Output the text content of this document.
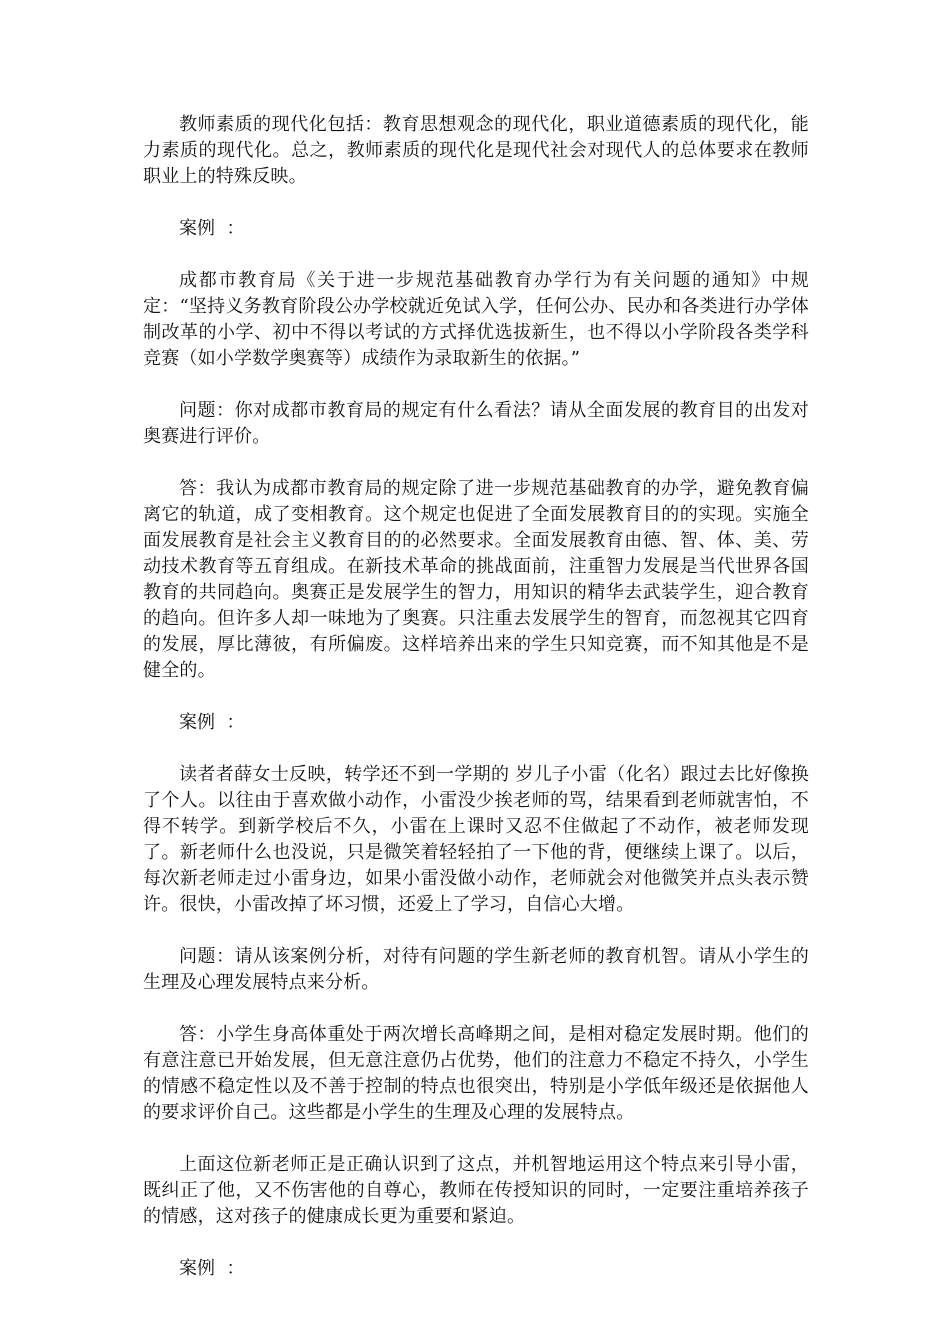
教师素质的现代化包括：教育思想观念的现代化，职业道德素质的现代化，能力素质的现代化。总之，教师素质的现代化是现代社会对现代人的总体要求在教师职业上的特殊反映。

案例  ：

成都市教育局《关于进一步规范基础教育办学行为有关问题的通知》中规定：“坚持义务教育阶段公办学校就近免试入学，任何公办、民办和各类进行办学体制改革的小学、初中不得以考试的方式择优选拔新生，也不得以小学阶段各类学科竞赛（如小学数学奥赛等）成绩作为录取新生的依据。”

问题：你对成都市教育局的规定有什么看法？请从全面发展的教育目的出发对奥赛进行评价。

答：我认为成都市教育局的规定除了进一步规范基础教育的办学，避免教育偏离它的轨道，成了变相教育。这个规定也促进了全面发展教育目的的实现。实施全面发展教育是社会主义教育目的的必然要求。全面发展教育由德、智、体、美、劳动技术教育等五育组成。在新技术革命的挑战面前，注重智力发展是当代世界各国教育的共同趋向。奥赛正是发展学生的智力，用知识的精华去武装学生，迎合教育的趋向。但许多人却一味地为了奥赛。只注重去发展学生的智育，而忽视其它四育的发展，厚比薄彼，有所偏废。这样培养出来的学生只知竞赛，而不知其他是不是健全的。

案例  ：

读者者薛女士反映，转学还不到一学期的 岁儿子小雷（化名）跟过去比好像换了个人。以往由于喜欢做小动作，小雷没少挨老师的骂，结果看到老师就害怕，不得不转学。到新学校后不久，小雷在上课时又忍不住做起了不动作，被老师发现了。新老师什么也没说，只是微笑着轻轻拍了一下他的背，便继续上课了。以后，每次新老师走过小雷身边，如果小雷没做小动作，老师就会对他微笑并点头表示赞许。很快，小雷改掉了坏习惯，还爱上了学习，自信心大增。

问题：请从该案例分析，对待有问题的学生新老师的教育机智。请从小学生的生理及心理发展特点来分析。

答：小学生身高体重处于两次增长高峰期之间，是相对稳定发展时期。他们的有意注意已开始发展，但无意注意仍占优势，他们的注意力不稳定不持久，小学生的情感不稳定性以及不善于控制的特点也很突出，特别是小学低年级还是依据他人的要求评价自己。这些都是小学生的生理及心理的发展特点。

上面这位新老师正是正确认识到了这点，并机智地运用这个特点来引导小雷，既纠正了他，又不伤害他的自尊心，教师在传授知识的同时，一定要注重培养孩子的情感，这对孩子的健康成长更为重要和紧迫。

案例  ：
